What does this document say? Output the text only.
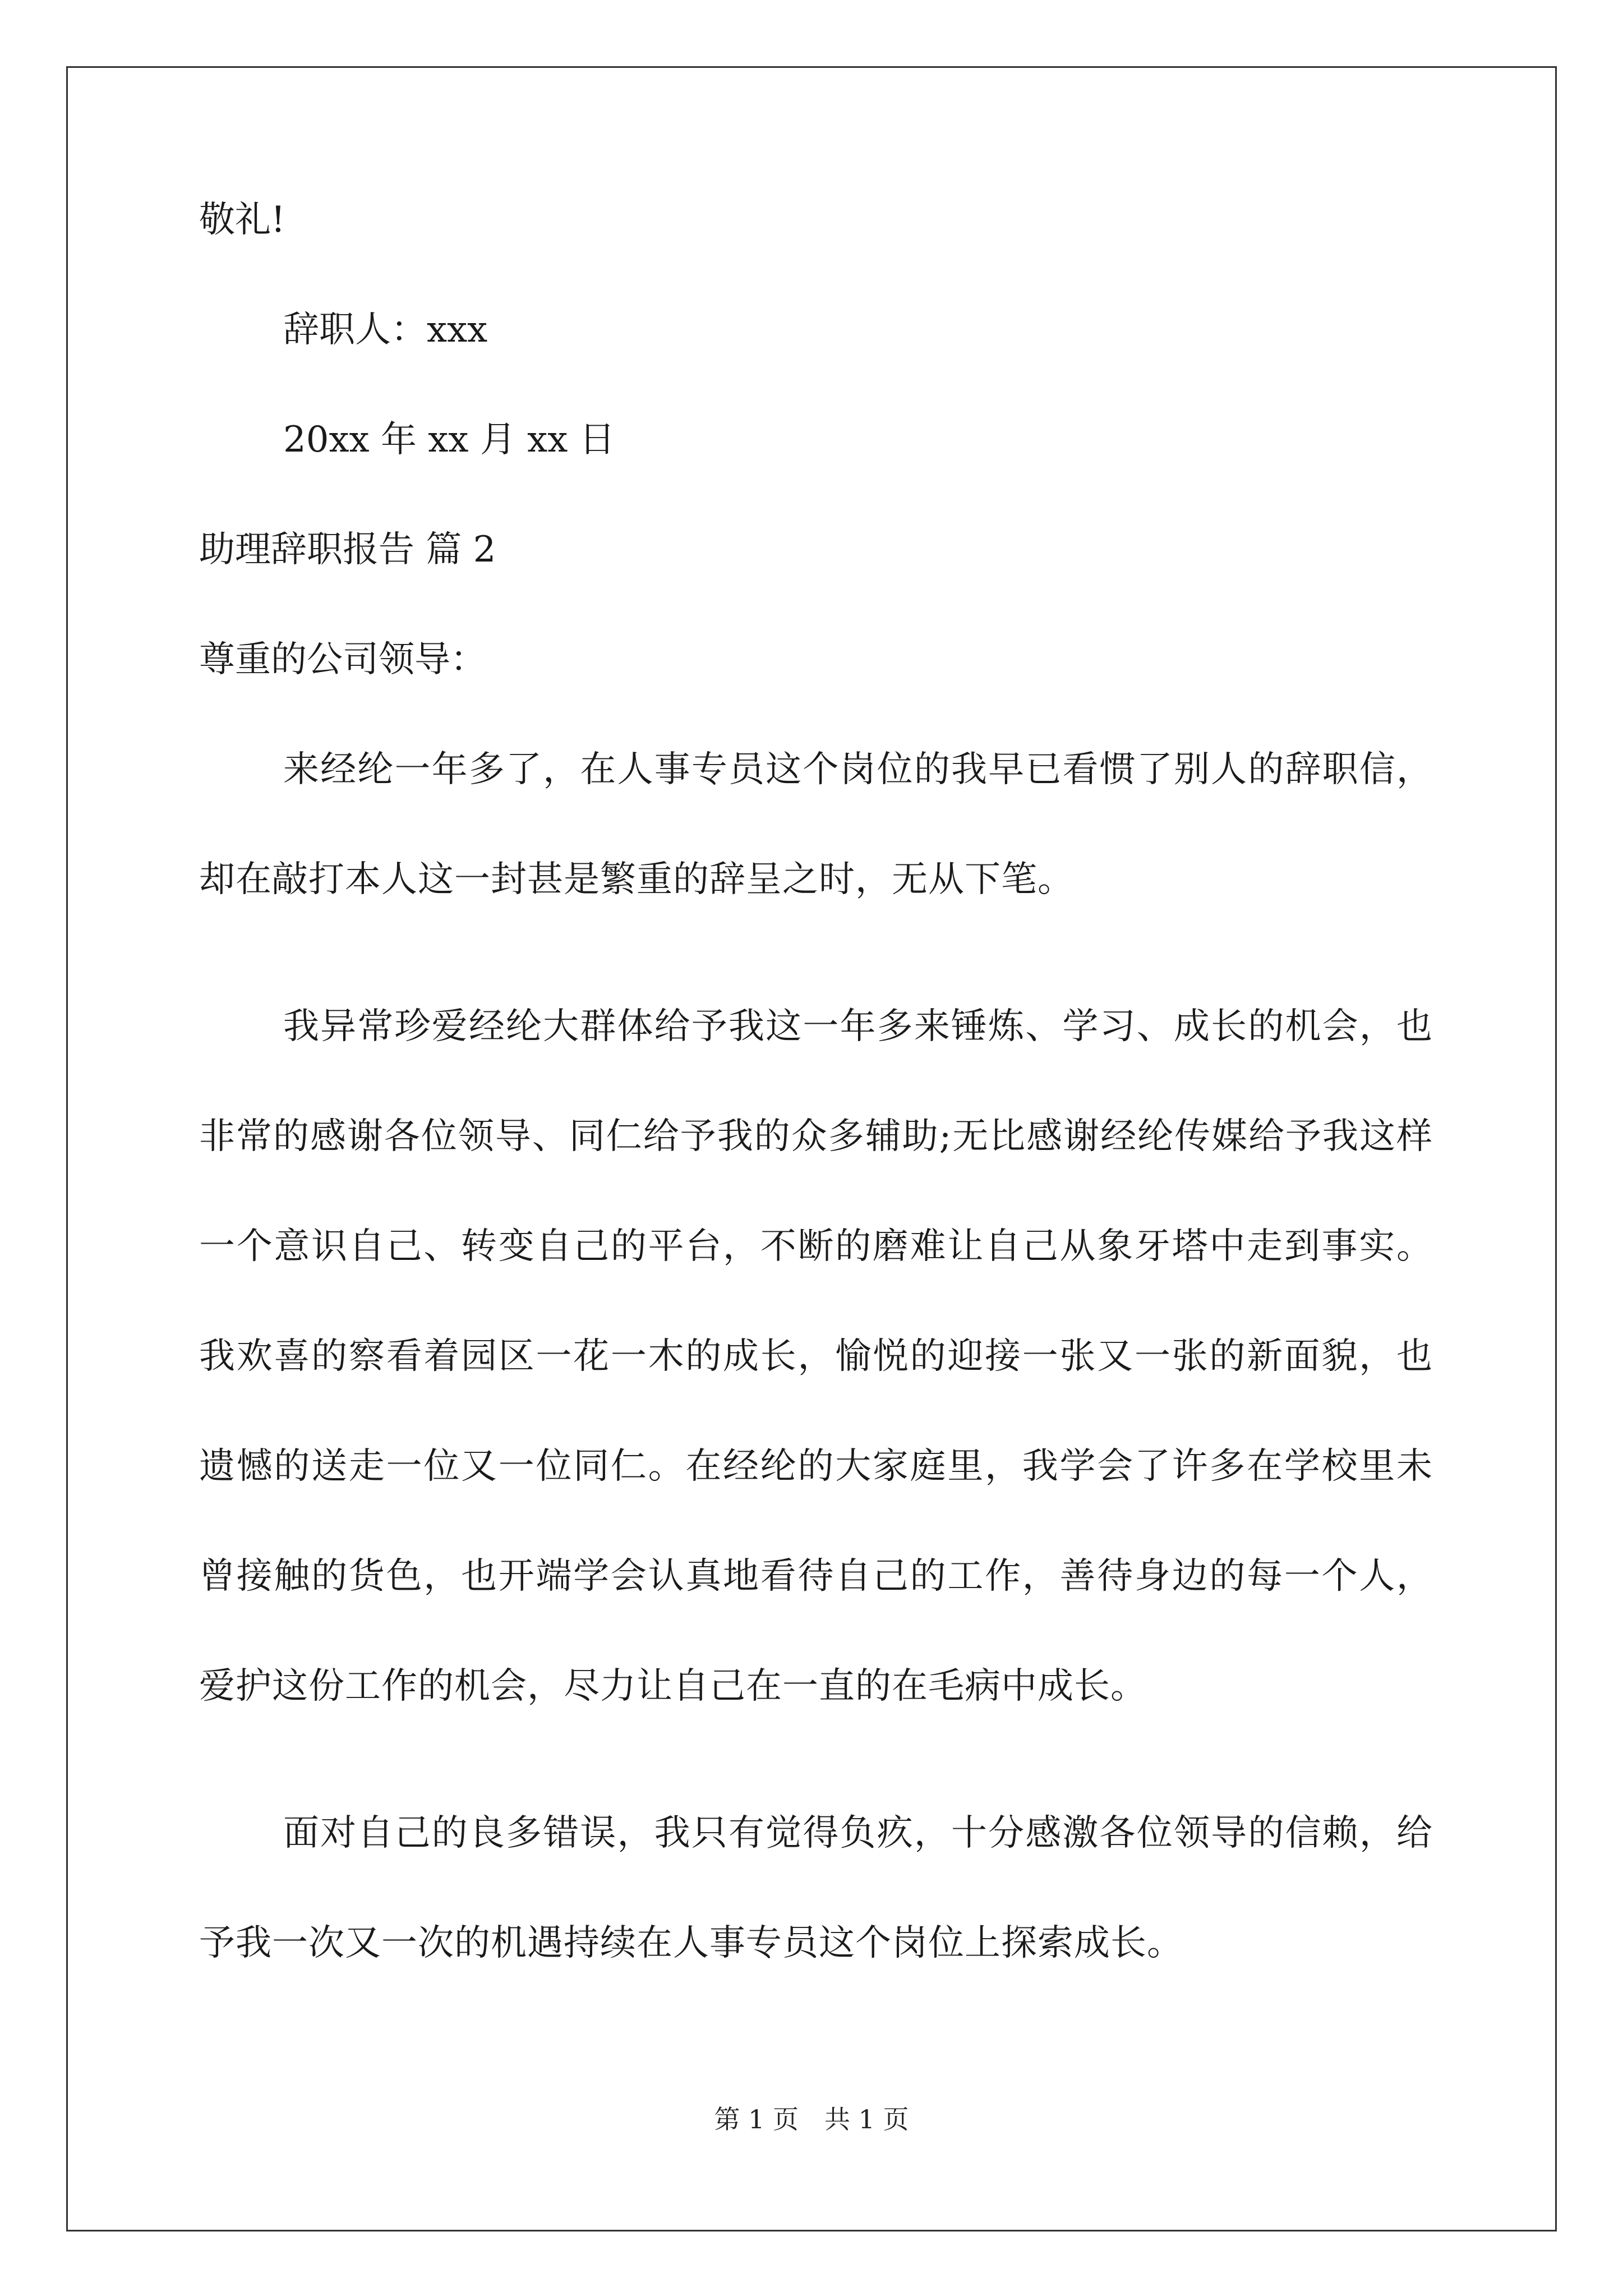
敬礼!
辞职人：xxx
20xx 年 xx 月 xx 日
助理辞职报告 篇 2
尊重的公司领导：
来经纶一年多了，在人事专员这个岗位的我早已看惯了别人的辞职信，却在敲打本人这一封甚是繁重的辞呈之时，无从下笔。
我异常珍爱经纶大群体给予我这一年多来锤炼、学习、成长的机会，也非常的感谢各位领导、同仁给予我的众多辅助;无比感谢经纶传媒给予我这样一个意识自己、转变自己的平台，不断的磨难让自己从象牙塔中走到事实。我欢喜的察看着园区一花一木的成长，愉悦的迎接一张又一张的新面貌，也遗憾的送走一位又一位同仁。在经纶的大家庭里，我学会了许多在学校里未曾接触的货色，也开端学会认真地看待自己的工作，善待身边的每一个人，爱护这份工作的机会，尽力让自己在一直的在毛病中成长。
面对自己的良多错误，我只有觉得负疚，十分感激各位领导的信赖，给予我一次又一次的机遇持续在人事专员这个岗位上探索成长。
第 1 页　共 1 页
